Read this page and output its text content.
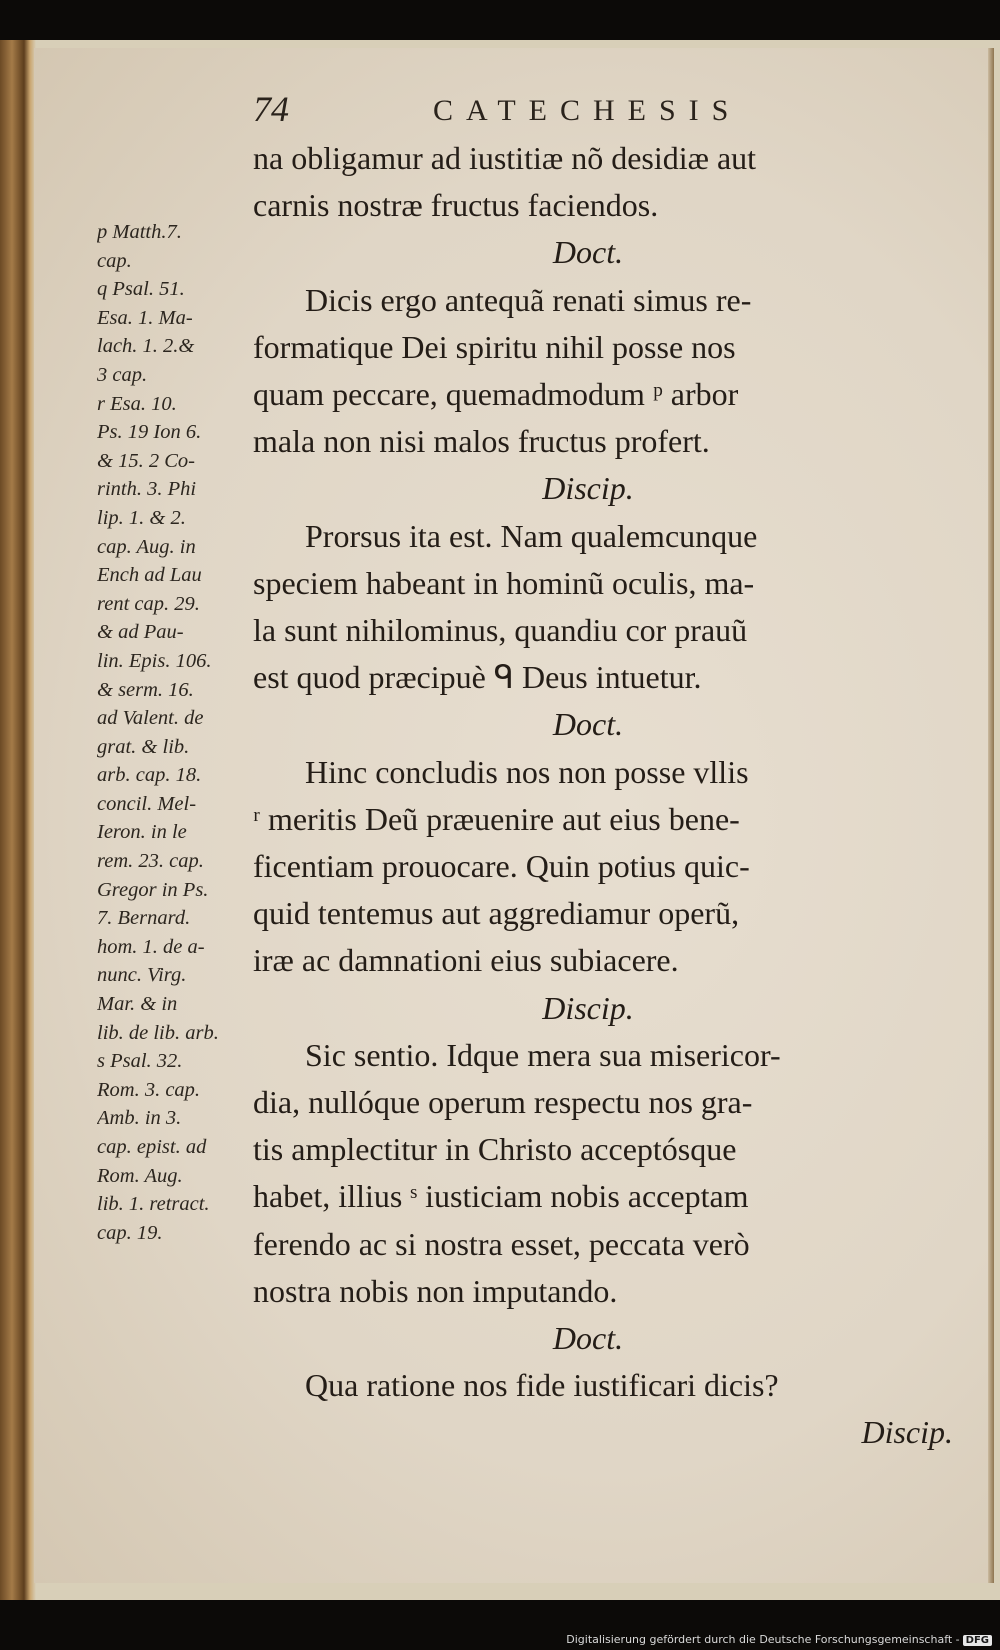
74	CATECHESIS
p Matth.7.
cap.
q Psal. 51.
Esa. 1. Ma-
lach. 1. 2.&
3 cap.
r Esa. 10.
Ps. 19 Ion 6.
& 15. 2 Co-
rinth. 3. Phi
lip. 1. & 2.
cap. Aug. in
Ench ad Lau
rent cap. 29.
& ad Pau-
lin. Epis. 106.
& serm. 16.
ad Valent. de
grat. & lib.
arb. cap. 18.
concil. Mel-
Ieron. in le
rem. 23. cap.
Gregor in Ps.
7. Bernard.
hom. 1. de a-
nunc. Virg.
Mar. & in
lib. de lib. arb.
s Psal. 32.
Rom. 3. cap.
Amb. in 3.
cap. epist. ad
Rom. Aug.
lib. 1. retract.
cap. 19.
na obligamur ad iustitiæ nõ desidiæ aut
carnis nostræ fructus faciendos.
Doct.
Dicis ergo antequã renati simus re-
formatique Dei spiritu nihil posse nos
quam peccare, quemadmodum ᵖ arbor
mala non nisi malos fructus profert.
Discip.
Prorsus ita est. Nam qualemcunque
speciem habeant in hominũ oculis, ma-
la sunt nihilominus, quandiu cor prauũ
est quod præcipuè ᑫ Deus intuetur.
Doct.
Hinc concludis nos non posse vllis
ʳ meritis Deũ præuenire aut eius bene-
ficentiam prouocare. Quin potius quic-
quid tentemus aut aggrediamur operũ,
iræ ac damnationi eius subiacere.
Discip.
Sic sentio. Idque mera sua misericor-
dia, nullóque operum respectu nos gra-
tis amplectitur in Christo acceptósque
habet, illius ˢ iusticiam nobis acceptam
ferendo ac si nostra esset, peccata verò
nostra nobis non imputando.
Doct.
Qua ratione nos fide iustificari dicis?
Discip.
Digitalisierung gefördert durch die Deutsche Forschungsgemeinschaft - DFG
